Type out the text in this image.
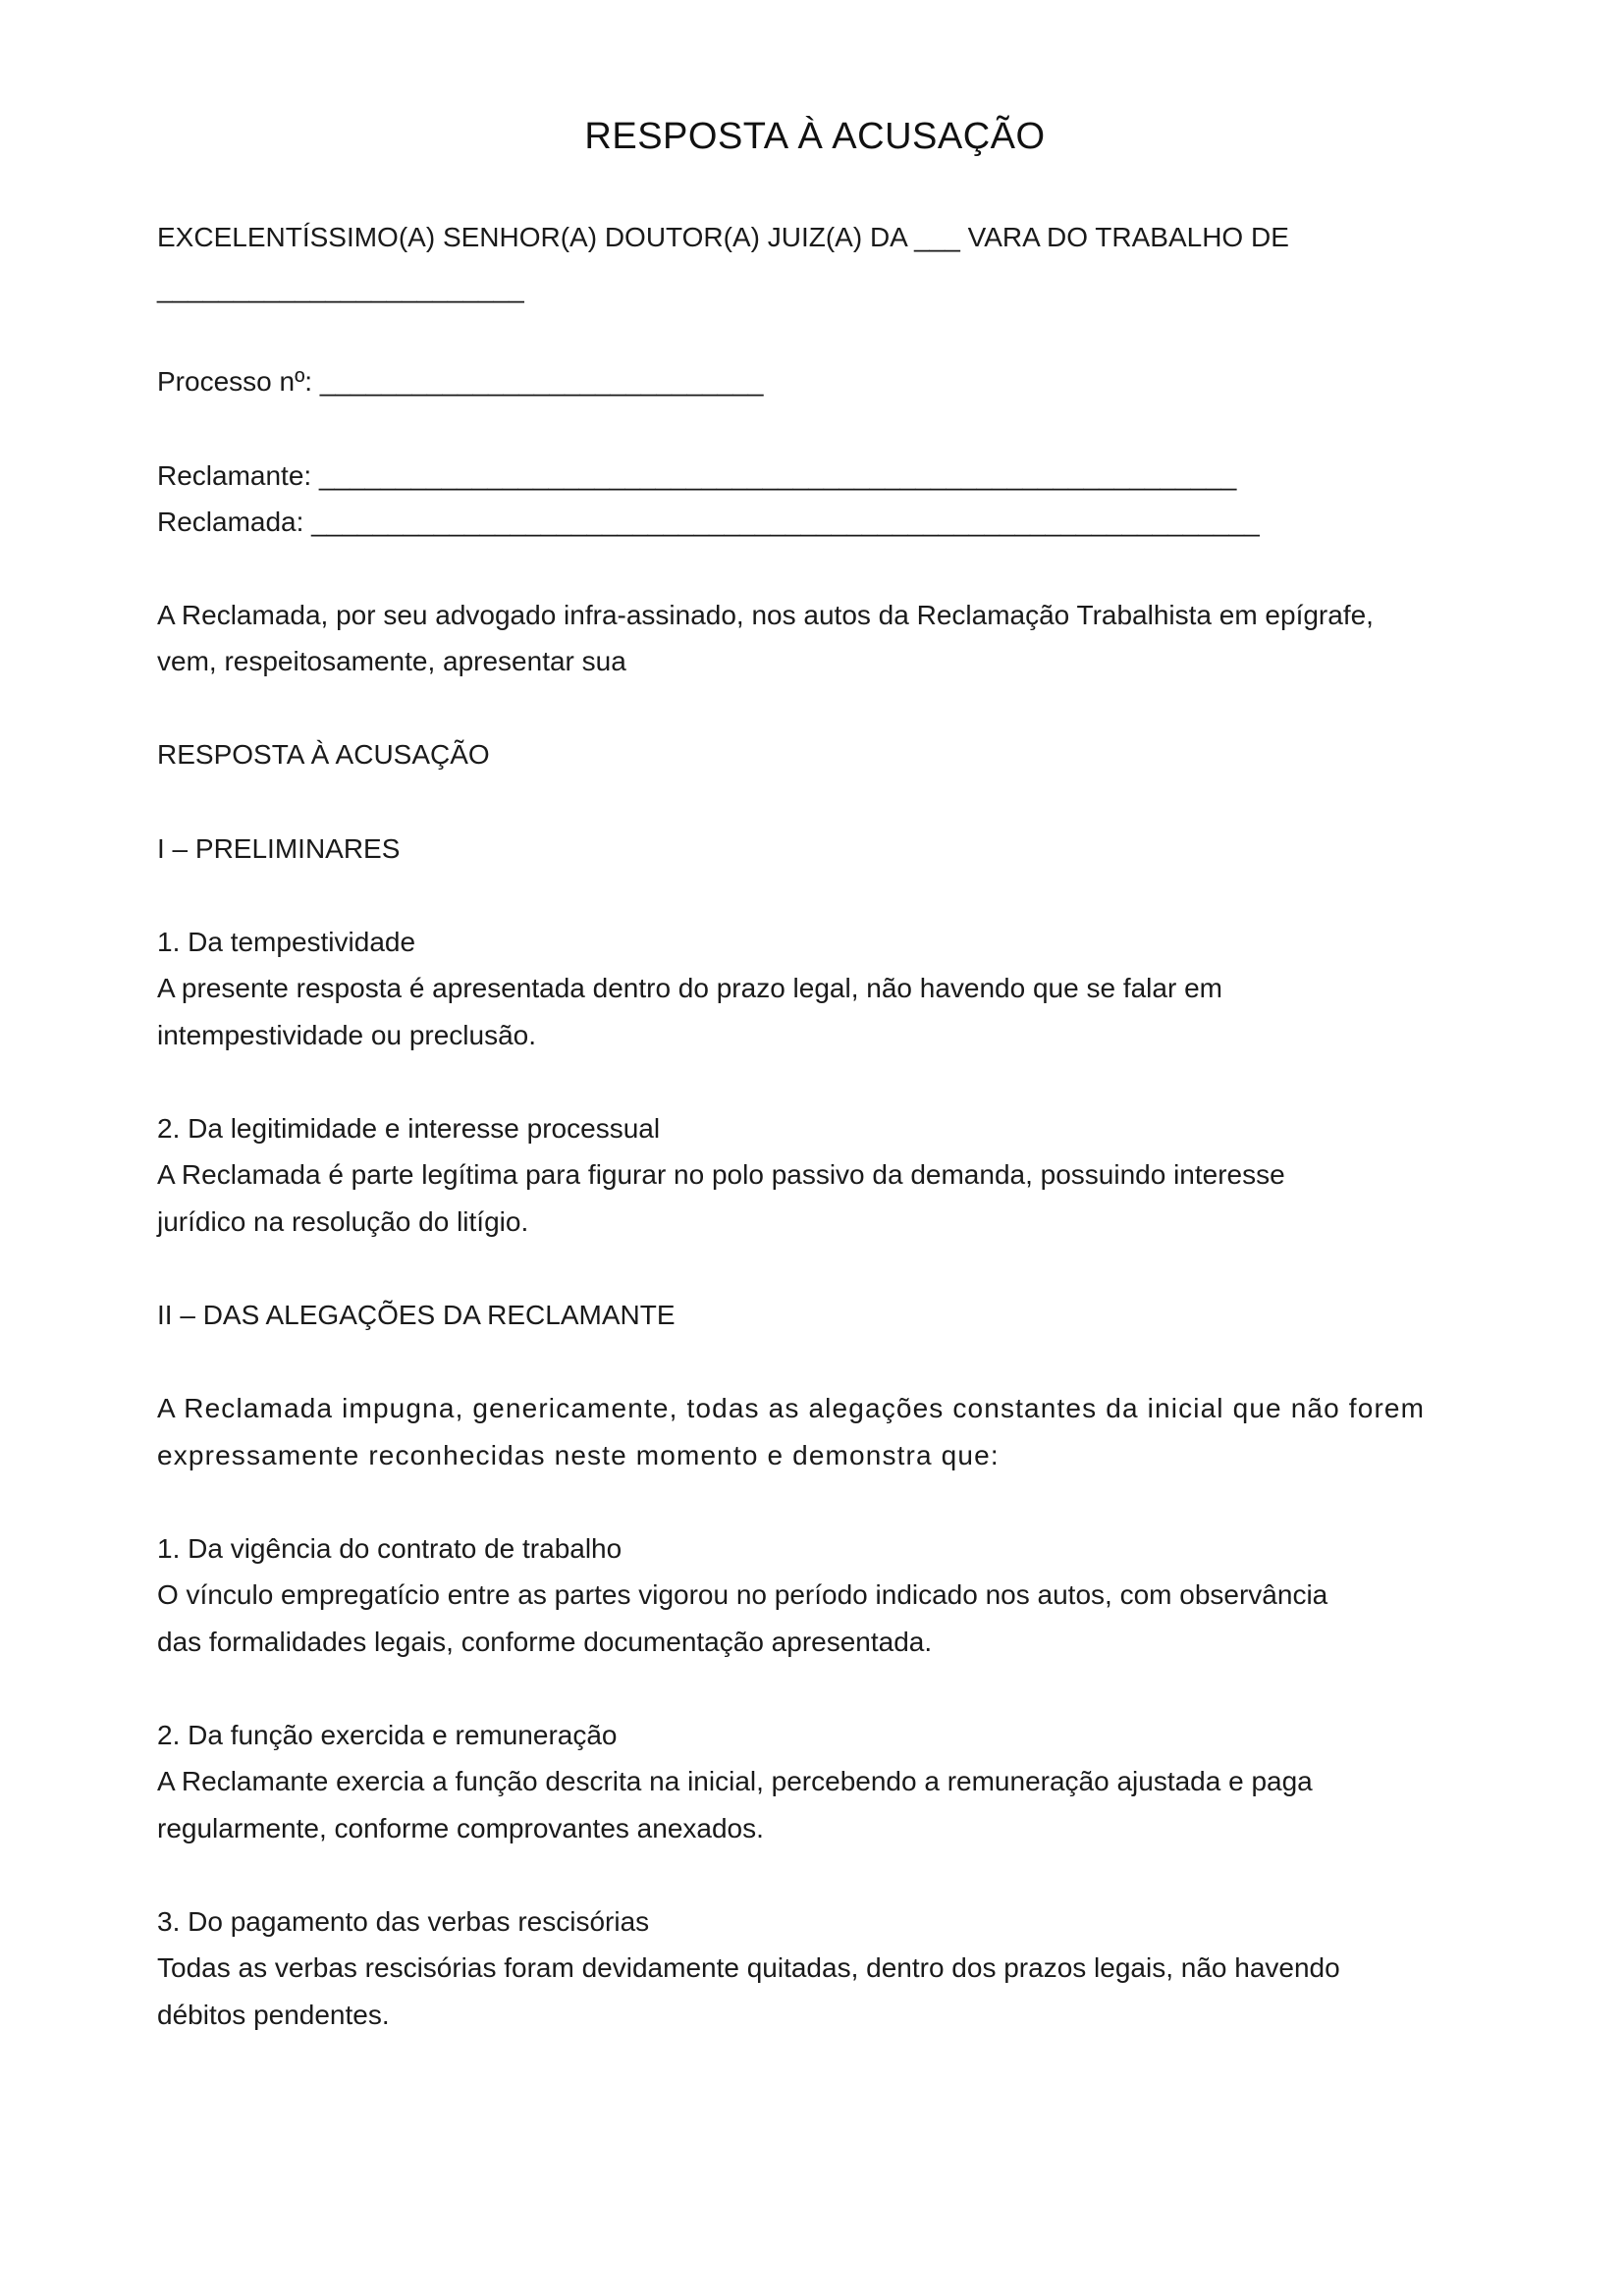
RESPOSTA À ACUSAÇÃO
EXCELENTÍSSIMO(A) SENHOR(A) DOUTOR(A) JUIZ(A) DA ___ VARA DO TRABALHO DE
________________________
Processo nº: _____________________________
Reclamante: ____________________________________________________________
Reclamada: ______________________________________________________________
A Reclamada, por seu advogado infra-assinado, nos autos da Reclamação Trabalhista em epígrafe,
vem, respeitosamente, apresentar sua
RESPOSTA À ACUSAÇÃO
I – PRELIMINARES
1. Da tempestividade
A presente resposta é apresentada dentro do prazo legal, não havendo que se falar em
intempestividade ou preclusão.
2. Da legitimidade e interesse processual
A Reclamada é parte legítima para figurar no polo passivo da demanda, possuindo interesse
jurídico na resolução do litígio.
II – DAS ALEGAÇÕES DA RECLAMANTE
A Reclamada impugna, genericamente, todas as alegações constantes da inicial que não forem
expressamente reconhecidas neste momento e demonstra que:
1. Da vigência do contrato de trabalho
O vínculo empregatício entre as partes vigorou no período indicado nos autos, com observância
das formalidades legais, conforme documentação apresentada.
2. Da função exercida e remuneração
A Reclamante exercia a função descrita na inicial, percebendo a remuneração ajustada e paga
regularmente, conforme comprovantes anexados.
3. Do pagamento das verbas rescisórias
Todas as verbas rescisórias foram devidamente quitadas, dentro dos prazos legais, não havendo
débitos pendentes.
